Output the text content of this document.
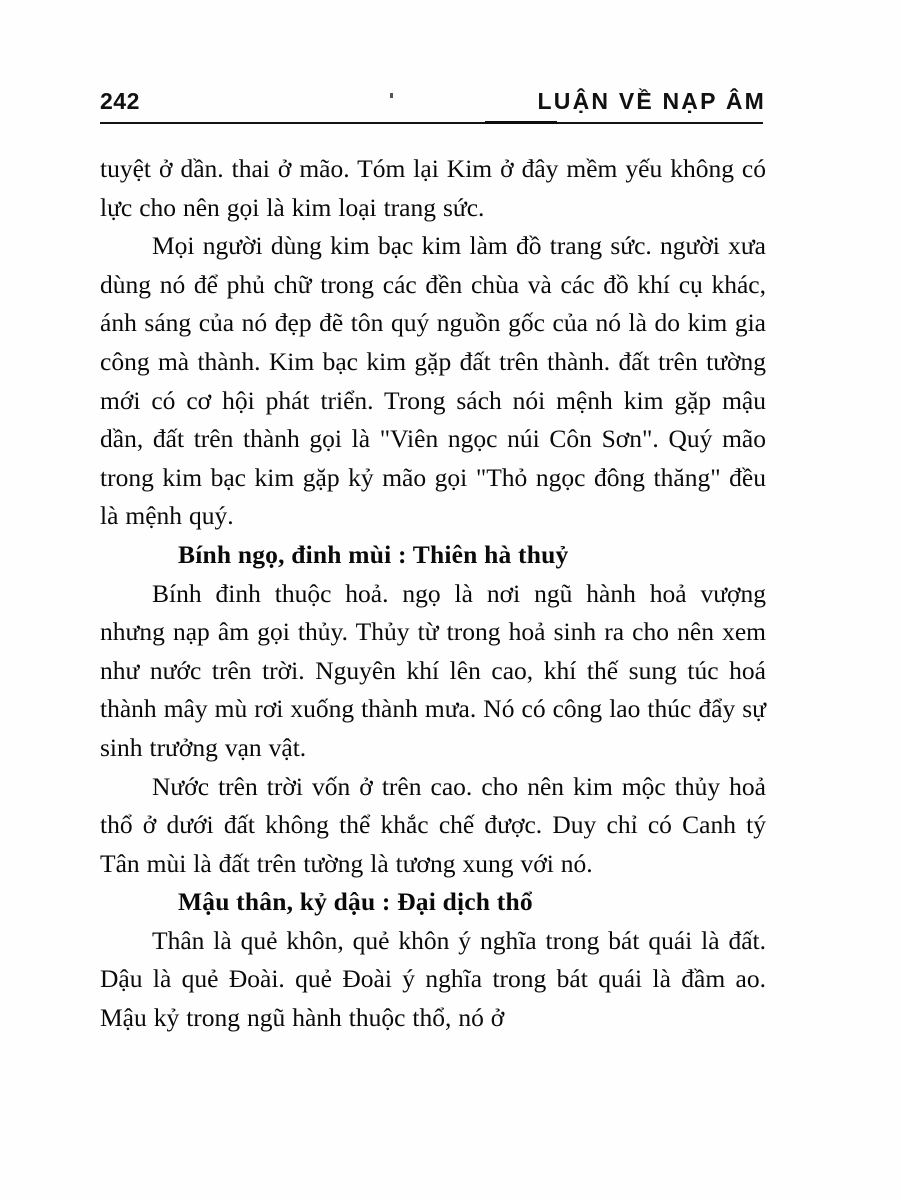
242	LUẬN VỀ NẠP ÂM

tuyệt ở dần. thai ở mão. Tóm lại Kim ở đây mềm yếu không có lực cho nên gọi là kim loại trang sức.

Mọi người dùng kim bạc kim làm đồ trang sức. người xưa dùng nó để phủ chữ trong các đền chùa và các đồ khí cụ khác, ánh sáng của nó đẹp đẽ tôn quý nguồn gốc của nó là do kim gia công mà thành. Kim bạc kim gặp đất trên thành. đất trên tường mới có cơ hội phát triển. Trong sách nói mệnh kim gặp mậu dần, đất trên thành gọi là "Viên ngọc núi Côn Sơn". Quý mão trong kim bạc kim gặp kỷ mão gọi "Thỏ ngọc đông thăng" đều là mệnh quý.

Bính ngọ, đinh mùi : Thiên hà thuỷ

Bính đinh thuộc hoả. ngọ là nơi ngũ hành hoả vượng nhưng nạp âm gọi thủy. Thủy từ trong hoả sinh ra cho nên xem như nước trên trời. Nguyên khí lên cao, khí thế sung túc hoá thành mây mù rơi xuống thành mưa. Nó có công lao thúc đẩy sự sinh trưởng vạn vật.

Nước trên trời vốn ở trên cao. cho nên kim mộc thủy hoả thổ ở dưới đất không thể khắc chế được. Duy chỉ có Canh tý Tân mùi là đất trên tường là tương xung với nó.

Mậu thân, kỷ dậu : Đại dịch thổ

Thân là quẻ khôn, quẻ khôn ý nghĩa trong bát quái là đất. Dậu là quẻ Đoài. quẻ Đoài ý nghĩa trong bát quái là đầm ao. Mậu kỷ trong ngũ hành thuộc thổ, nó ở
